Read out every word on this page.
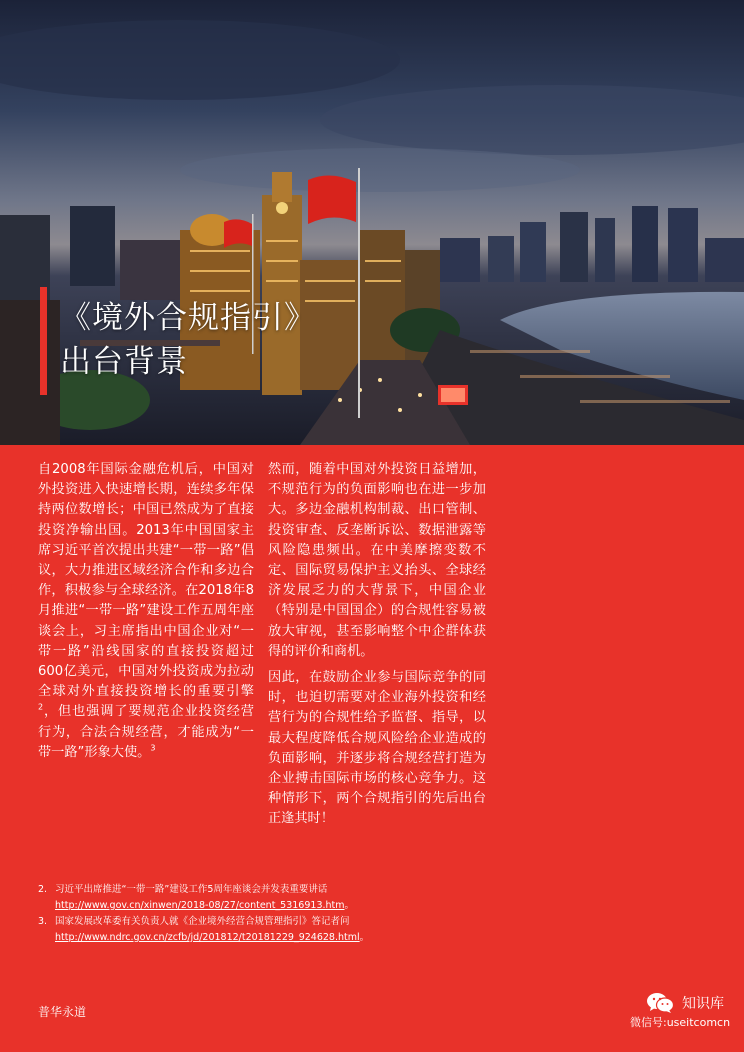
《境外合规指引》
出台背景

自2008年国际金融危机后，中国对外投资进入快速增长期，连续多年保持两位数增长；中国已然成为了直接投资净输出国。2013年中国国家主席习近平首次提出共建“一带一路”倡议，大力推进区域经济合作和多边合作，积极参与全球经济。在2018年8月推进“一带一路”建设工作五周年座谈会上，习主席指出中国企业对“一带一路”沿线国家的直接投资超过600亿美元，中国对外投资成为拉动全球对外直接投资增长的重要引擎$^2$，但也强调了要规范企业投资经营行为，合法合规经营，才能成为“一带一路”形象大使。$^3$

然而，随着中国对外投资日益增加，不规范行为的负面影响也在进一步加大。多边金融机构制裁、出口管制、投资审查、反垄断诉讼、数据泄露等风险隐患频出。在中美摩擦变数不定、国际贸易保护主义抬头、全球经济发展乏力的大背景下，中国企业（特别是中国国企）的合规性容易被放大审视，甚至影响整个中企群体获得的评价和商机。

因此，在鼓励企业参与国际竞争的同时，也迫切需要对企业海外投资和经营行为的合规性给予监督、指导，以最大程度降低合规风险给企业造成的负面影响，并逐步将合规经营打造为企业搏击国际市场的核心竞争力。这种情形下，两个合规指引的先后出台正逢其时！

2. 习近平出席推进“一带一路”建设工作5周年座谈会并发表重要讲话
http://www.gov.cn/xinwen/2018-08/27/content_5316913.htm。
3. 国家发展改革委有关负责人就《企业境外经营合规管理指引》答记者问
http://www.ndrc.gov.cn/zcfb/jd/201812/t20181229_924628.html。
普华永道	知识库
微信号:useitcomcn
